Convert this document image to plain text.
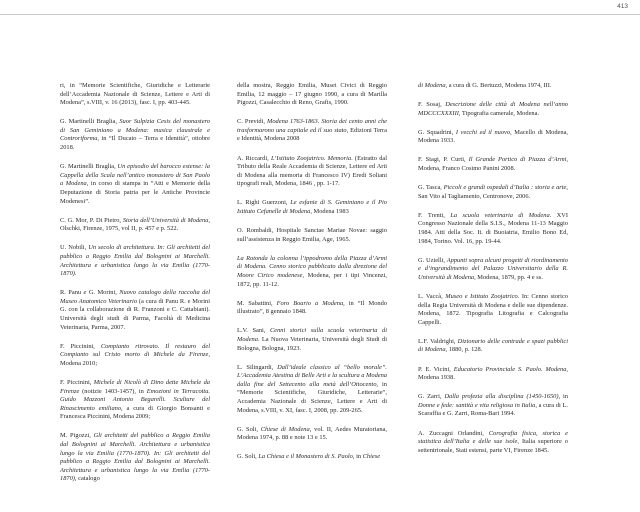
413

ri, in “Memorie Scientifiche, Giuridiche e Letterarie dell’Accademia Nazionale di Scienze, Lettere e Arti di Modena”, s.VIII, v. 16 (2013), fasc. I, pp. 403-445.

G. Martinelli Braglia, Suor Sulpizia Cesis del monastero di San Geminiano a Modena: musica claustrale e Controriforma, in “Il Ducato – Terra e Identità”, ottobre 2018.

G. Martinelli Braglia, Un episodio del barocco estense: la Cappella della Scala nell’antico monastero di San Paolo a Modena, in corso di stampa in “Atti e Memorie della Deputazione di Storia patria per le Antiche Provincie Modenesi”.

C. G. Mor, P. Di Pietro, Storia dell’Università di Modena, Olschki, Firenze, 1975, vol II, p. 457 e p. 522.

U. Nobili, Un secolo di architettura. In: Gli architetti del pubblico a Reggio Emilia dal Bolognini ai Marchelli. Architettura e urbanistica lungo la via Emilia (1770-1870).

R. Panu e G. Morini, Nuovo catalogo della raccolta del Museo Anatomico Veterinario (a cura di Panu R. e Morini G. con la collaborazione di R. Franzoni e C. Cattabiani). Università degli studi di Parma, Facoltà di Medicina Veterinaria, Parma, 2007.

F. Piccinini, Compianto ritrovato. Il restauro del Compianto sul Cristo morto di Michele da Firenze, Modena 2010;

F. Piccinini, Michele di Nicolò di Dino dette Michele da Firenze (notizie 1403-1457), in Emozioni in Terracotta. Guido Mazzoni Antonio Begarelli. Sculture del Rinascimento emiliano, a cura di Giorgio Bonsanti e Francesca Piccinini, Modena 2009;

M. Pigozzi, Gli architetti del pubblico a Reggio Emilia dal Bolognini ai Marchelli. Architettura e urbanistica lungo la via Emilia (1770-1870). In: Gli architetti del pubblico a Reggio Emilia dal Bolognini ai Marchelli. Architettura e urbanistica lungo la via Emilia (1770-1870), catalogo

della mostra, Reggio Emilia, Musei Civici di Reggio Emilia, 12 maggio – 17 giugno 1990, a cura di Marilla Pigozzi, Casalecchio di Reno, Grafis, 1990.

C. Previdi, Modena 1763-1863. Storia dei cento anni che trasformarono una capitale ed il suo stato, Edizioni Terra e Identità, Modena 2008

A. Riccardi, L’Istituto Zoojatrico. Memoria. (Estratto dal Tributo della Reale Accademia di Scienze, Lettere ed Arti di Modena alla memoria di Francesco IV) Eredi Soliani tipografi reali, Modena, 1846 , pp. 1-17.

L. Righi Guerzoni, Le esfanie di S. Geminiano e il Pio Istituto Cefanelle di Modena, Modena 1983

O. Rombaldi, Hospitale Sanctae Mariae Novae: saggio sull’assistenza in Reggio Emilia, Age, 1965.

La Rotonda la colonna l’ippodromo della Piazza d’Armi di Modena. Cenno storico pubblicato dalla direzione del Moore Cirico modenese, Modena, per i tipi Vincenzi, 1872, pp. 11-12.

M. Sabattini, Foro Boario a Modena, in “Il Mondo illustrato”, 8 gennaio 1848.

L.V. Sani, Cenni storici sulla scuola veterinaria di Modena. La Nuova Veterinaria, Università degli Studi di Bologna, Bologna, 1923.

L. Silingardi, Dall’ideale classico al “bello morale”. L’Accademia Atestina di Belle Arti e la scultura a Modena dalla fine del Settecento alla metà dell’Ottocento, in “Memorie Scientifiche, Giuridiche, Letterarie”, Accademia Nazionale di Scienze, Lettere e Arti di Modena, s.VIII, v. XI, fasc. I, 2008, pp. 209-265.

G. Soli, Chiese di Modena, vol. II, Aedes Muratoriana, Modena 1974, p. 88 e note 13 e 15.

G. Soli, La Chiesa e il Monastero di S. Paolo, in Chiese

di Modena, a cura di G. Bertuzzi, Modena 1974, III.

F. Sosaj, Descrizione delle città di Modena nell’anno MDCCCXXXIII, Tipografia camerale, Modena.

G. Squadrini, I vecchi ed il nuovo, Macello di Modena, Modena 1933.

F. Stagi, P. Curti, Il Grande Portico di Piazza d’Armi, Modena, Franco Cosimo Panini 2008.

G. Tasca, Piccoli e grandi ospedali d’Italia : storia e arte, San Vito al Tagliamento, Centronove, 2006.

F. Trenti, La scuola veterinaria di Modena. XVI Congresso Nazionale della S.I.S., Modena 11-13 Maggio 1984. Atti della Soc. It. di Buoiatria, Emilio Bono Ed, 1984, Torino. Vol. 16, pp. 19-44.

G. Uzielli, Appunti sopra alcuni progetti di riordinamento e d’ingrandimento del Palazzo Universitario della R. Università di Modena, Modena, 1879, pp. 4 e ss.

L. Vaccà, Museo e Istituto Zoojatrico. In: Cenno storico della Regia Università di Modena e delle sue dipendenze. Modena, 1872. Tipografia Litografia e Calcografia Cappelli.

L.F. Valdrighi, Dizionario delle contrade e spazi pubblici di Modena, 1880, p. 128.

P. E. Vicini, Educatorio Provinciale S. Paolo. Modena, Modena 1938.

G. Zarri, Dalla profezia alla disciplina (1450-1650), in Donne e fede: santità e vita religiosa in Italia, a cura di L. Scaraffia e G. Zarri, Roma-Bari 1994.

A. Zuccagni Orlandini, Corografia fisica, storica e statistica dell’Italia e delle sue isole, Italia superiore o settentrionale, Stati estensi, parte VI, Firenze 1845.
